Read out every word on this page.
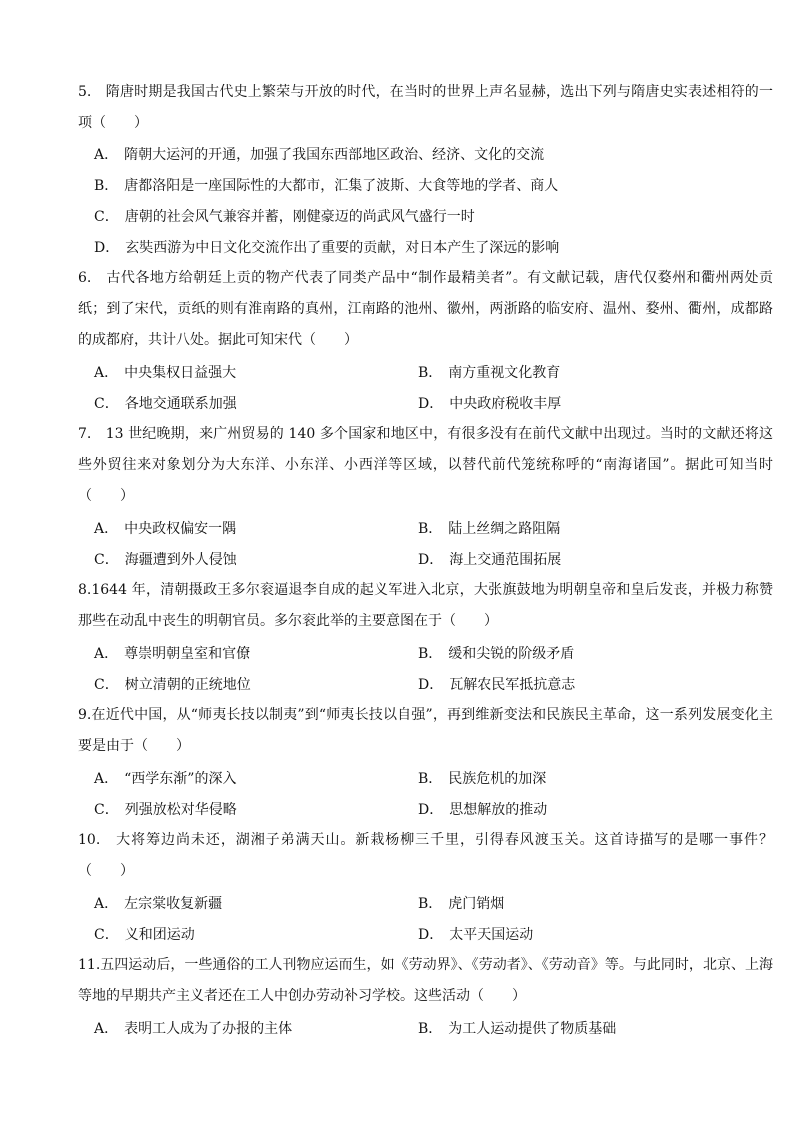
5.　 隋唐时期是我国古代史上繁荣与开放的时代，在当时的世界上声名显赫，选出下列与隋唐史实表述相符的一项（　　）

A． 隋朝大运河的开通，加强了我国东西部地区政治、经济、文化的交流
B． 唐都洛阳是一座国际性的大都市，汇集了波斯、大食等地的学者、商人
C． 唐朝的社会风气兼容并蓄，刚健豪迈的尚武风气盛行一时
D． 玄奘西游为中日文化交流作出了重要的贡献，对日本产生了深远的影响

6.　 古代各地方给朝廷上贡的物产代表了同类产品中“制作最精美者”。有文献记载，唐代仅婺州和衢州两处贡纸；到了宋代，贡纸的则有淮南路的真州，江南路的池州、徽州，两浙路的临安府、温州、婺州、衢州，成都路的成都府，共计八处。据此可知宋代（　　）

A． 中央集权日益强大	B． 南方重视文化教育
C． 各地交通联系加强	D． 中央政府税收丰厚

7.　 13 世纪晚期，来广州贸易的 140 多个国家和地区中，有很多没有在前代文献中出现过。当时的文献还将这些外贸往来对象划分为大东洋、小东洋、小西洋等区域，以替代前代笼统称呼的“南海诸国”。据此可知当时（　　）

A． 中央政权偏安一隅	B． 陆上丝绸之路阻隔
C． 海疆遭到外人侵蚀	D． 海上交通范围拓展

8.1644 年，清朝摄政王多尔衮逼退李自成的起义军进入北京，大张旗鼓地为明朝皇帝和皇后发丧，并极力称赞那些在动乱中丧生的明朝官员。多尔衮此举的主要意图在于（　　）

A． 尊崇明朝皇室和官僚	B． 缓和尖锐的阶级矛盾
C． 树立清朝的正统地位	D． 瓦解农民军抵抗意志

9.在近代中国，从“师夷长技以制夷”到“师夷长技以自强”，再到维新变法和民族民主革命，这一系列发展变化主要是由于（　　）

A． “西学东渐”的深入	B． 民族危机的加深
C． 列强放松对华侵略	D． 思想解放的推动

10.　 大将筹边尚未还，湖湘子弟满天山。新栽杨柳三千里，引得春风渡玉关。这首诗描写的是哪一事件？（　　）

A． 左宗棠收复新疆	B． 虎门销烟
C． 义和团运动	D． 太平天国运动

11.五四运动后，一些通俗的工人刊物应运而生，如《劳动界》、《劳动者》、《劳动音》等。与此同时，北京、上海等地的早期共产主义者还在工人中创办劳动补习学校。这些活动（　　）

A． 表明工人成为了办报的主体	B． 为工人运动提供了物质基础
